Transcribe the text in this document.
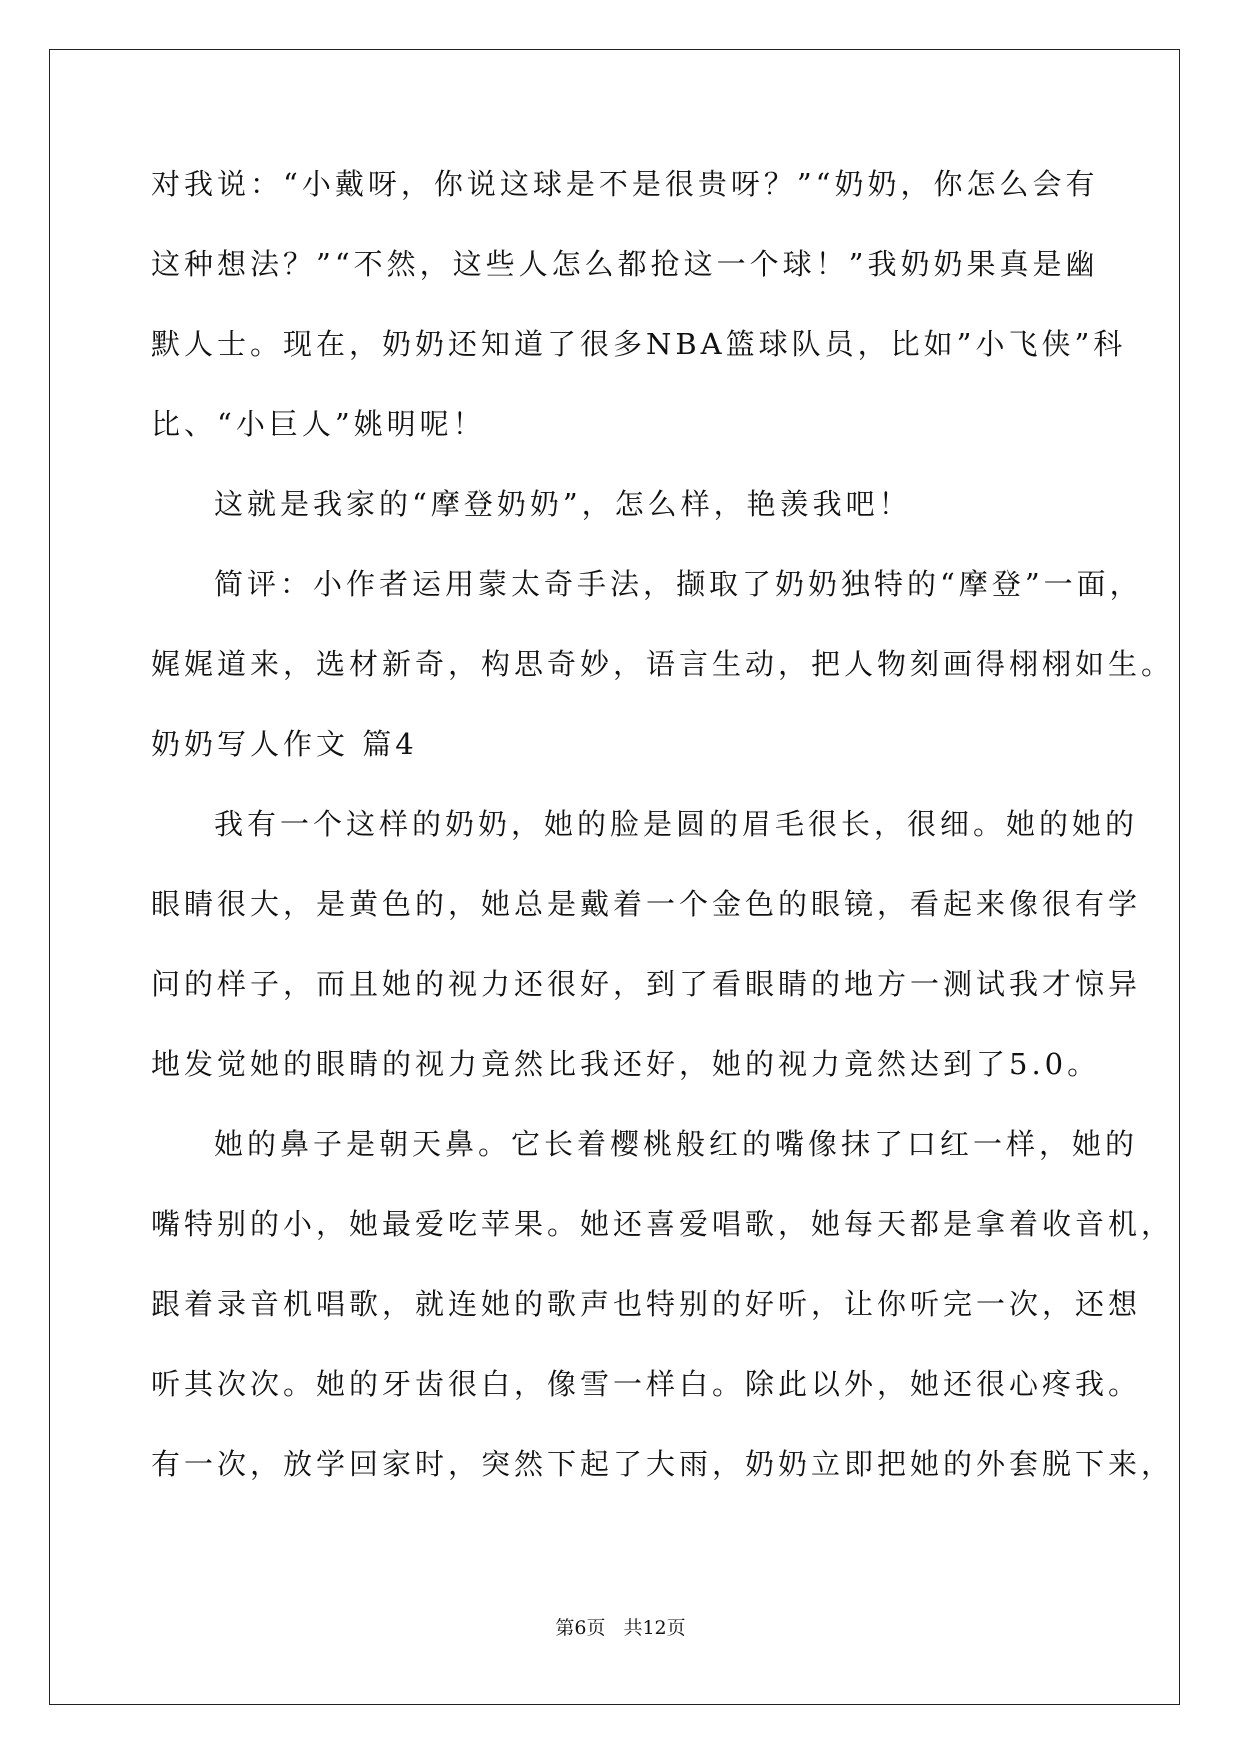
对我说：“小戴呀，你说这球是不是很贵呀？”“奶奶，你怎么会有
这种想法？”“不然，这些人怎么都抢这一个球！”我奶奶果真是幽
默人士。现在，奶奶还知道了很多NBA篮球队员，比如”小飞侠”科
比、“小巨人”姚明呢！
这就是我家的“摩登奶奶”，怎么样，艳羡我吧！
简评：小作者运用蒙太奇手法，撷取了奶奶独特的“摩登”一面，
娓娓道来，选材新奇，构思奇妙，语言生动，把人物刻画得栩栩如生。
奶奶写人作文 篇4
我有一个这样的奶奶，她的脸是圆的眉毛很长，很细。她的她的
眼睛很大，是黄色的，她总是戴着一个金色的眼镜，看起来像很有学
问的样子，而且她的视力还很好，到了看眼睛的地方一测试我才惊异
地发觉她的眼睛的视力竟然比我还好，她的视力竟然达到了5.0。
她的鼻子是朝天鼻。它长着樱桃般红的嘴像抹了口红一样，她的
嘴特别的小，她最爱吃苹果。她还喜爱唱歌，她每天都是拿着收音机，
跟着录音机唱歌，就连她的歌声也特别的好听，让你听完一次，还想
听其次次。她的牙齿很白，像雪一样白。除此以外，她还很心疼我。
有一次，放学回家时，突然下起了大雨，奶奶立即把她的外套脱下来，
第6页 共12页
